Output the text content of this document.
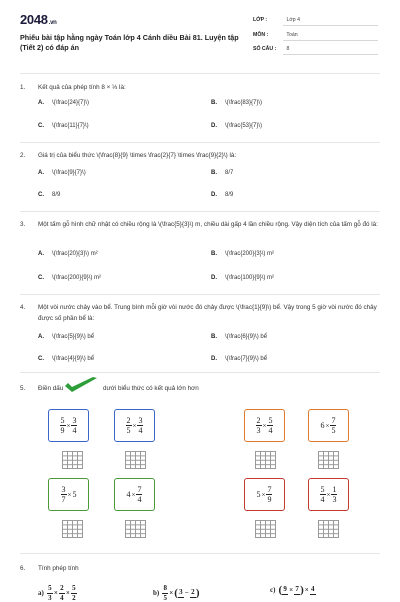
2048.vn
Phiếu bài tập hằng ngày Toán lớp 4 Cánh diều Bài 81. Luyện tập (Tiết 2) có đáp án
LỚP :	Lớp 4
MÔN :	Toán
SỐ CÂU : 8
1. Kết quả của phép tính 8 × ⅓ là:
A. \(\frac{24}{7}\)	B. \(\frac{83}{7}\)
C. \(\frac{11}{7}\)	D. \(\frac{53}{7}\)
2. Giá trị của biểu thức \(\frac{8}{9} \times \frac{2}{7} \times \frac{9}{2}\) là:
A. \(\frac{9}{7}\)	B. 8/7
C. 8/9	D. 8/9
3. Một tấm gỗ hình chữ nhật có chiều rộng là \(\frac{5}{3}\) m, chiều dài gấp 4 lần chiều rộng. Vậy diện tích của tấm gỗ đó là:
A. \(\frac{20}{3}\) m²	B. \(\frac{200}{3}\) m²
C. \(\frac{200}{9}\) m²	D. \(\frac{100}{9}\) m²
4. Một vòi nước chảy vào bể. Trung bình mỗi giờ vòi nước đó chảy được \(\frac{1}{9}\) bể. Vậy trong 5 giờ vòi nước đó chảy được số phần bể là:
A. \(\frac{5}{9}\) bể	B. \(\frac{6}{9}\) bể
C. \(\frac{4}{9}\) bể	D. \(\frac{7}{9}\) bể
5. Điền dấu	dưới biểu thức có kết quả lớn hơn
$\frac{5}{9} \times \frac{3}{4}$	$\frac{2}{5} \times \frac{3}{4}$	$\frac{2}{3} \times \frac{5}{4}$	$6 \times \frac{7}{5}$
$\frac{3}{7} \times 5$	$4 \times \frac{7}{4}$	$5 \times \frac{7}{9}$	$\frac{5}{4} \times \frac{1}{3}$
6. Tính phép tính
$a) \frac{5}{3} \times \frac{2}{4} \times \frac{5}{2}$	$b) \frac{8}{5}$ × ( 3 − 2 )	c) ( 9 × 7 ) × 4
